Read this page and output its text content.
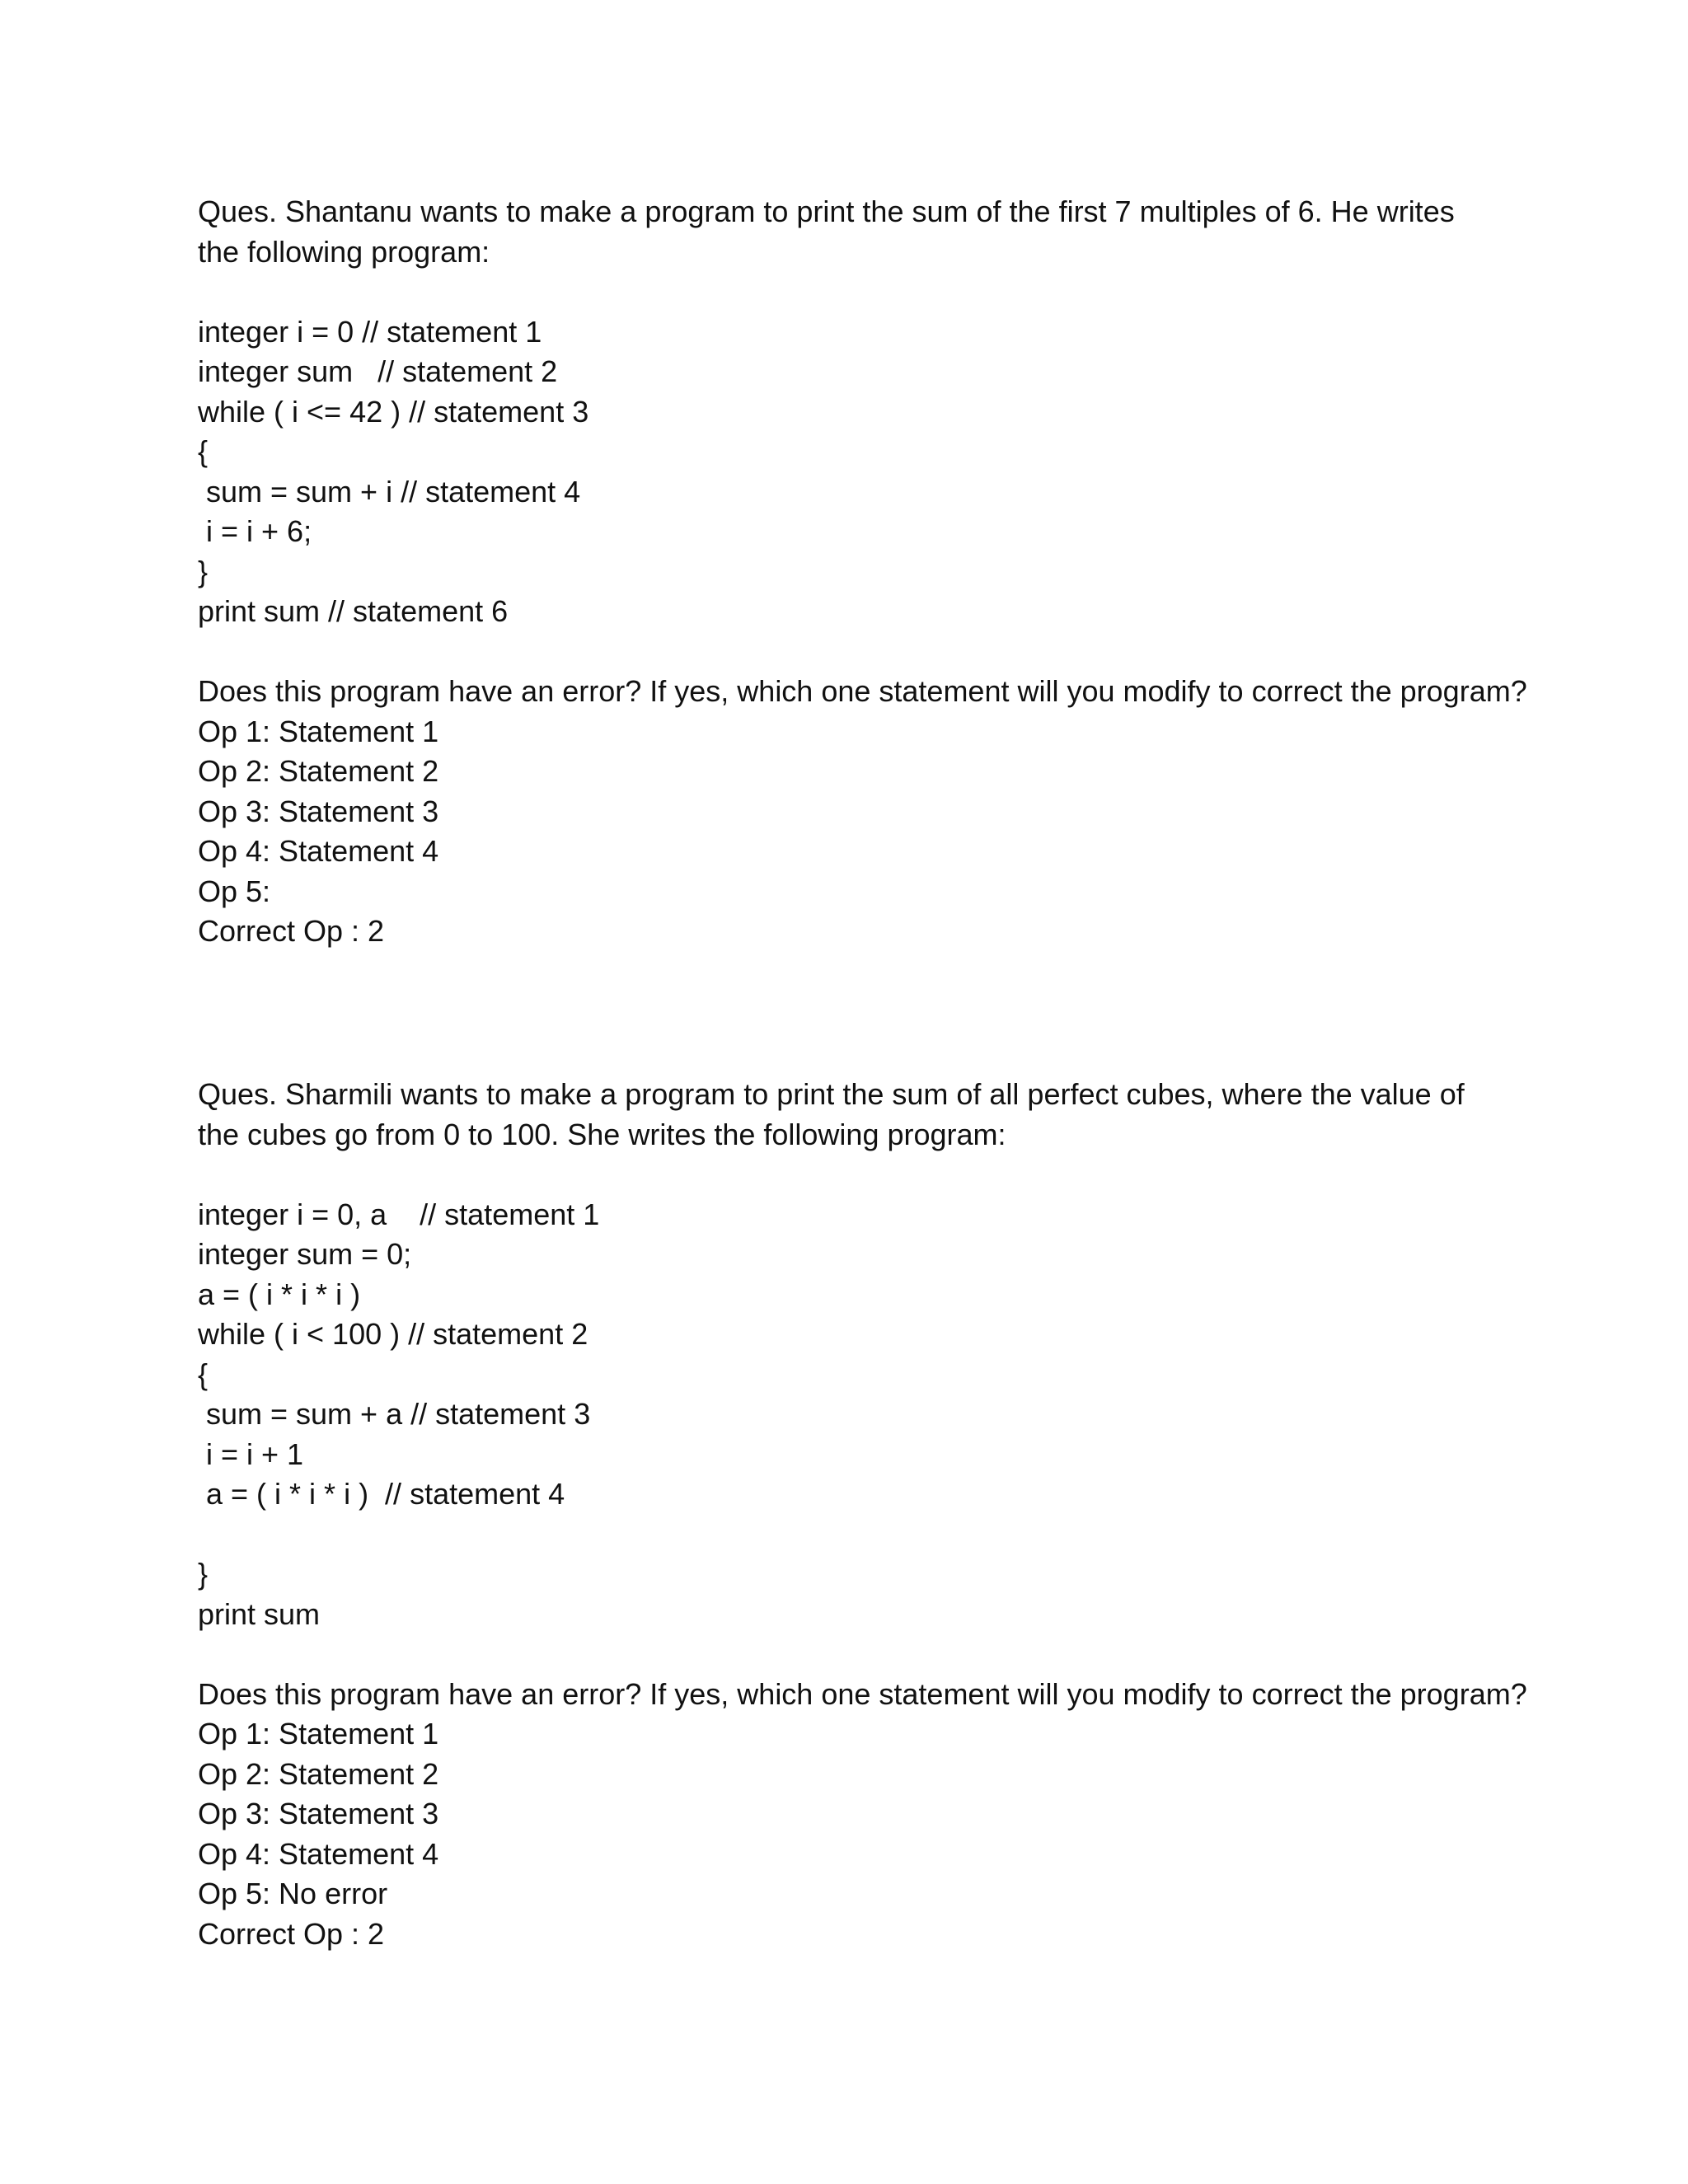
Ques. Shantanu wants to make a program to print the sum of the first 7 multiples of 6. He writes the following program:
integer i = 0 // statement 1
integer sum   // statement 2
while ( i <= 42 ) // statement 3
{
sum = sum + i // statement 4
i = i + 6;
}
print sum // statement 6
Does this program have an error? If yes, which one statement will you modify to correct the program?
Op 1: Statement 1
Op 2: Statement 2
Op 3: Statement 3
Op 4: Statement 4
Op 5:
Correct Op : 2
Ques. Sharmili wants to make a program to print the sum of all perfect cubes, where the value of the cubes go from 0 to 100. She writes the following program:
integer i = 0, a    // statement 1
integer sum = 0;
a = ( i * i * i )
while ( i < 100 ) // statement 2
{
sum = sum + a // statement 3
i = i + 1
a = ( i * i * i )  // statement 4
}
print sum
Does this program have an error? If yes, which one statement will you modify to correct the program?
Op 1: Statement 1
Op 2: Statement 2
Op 3: Statement 3
Op 4: Statement 4
Op 5: No error
Correct Op : 2
